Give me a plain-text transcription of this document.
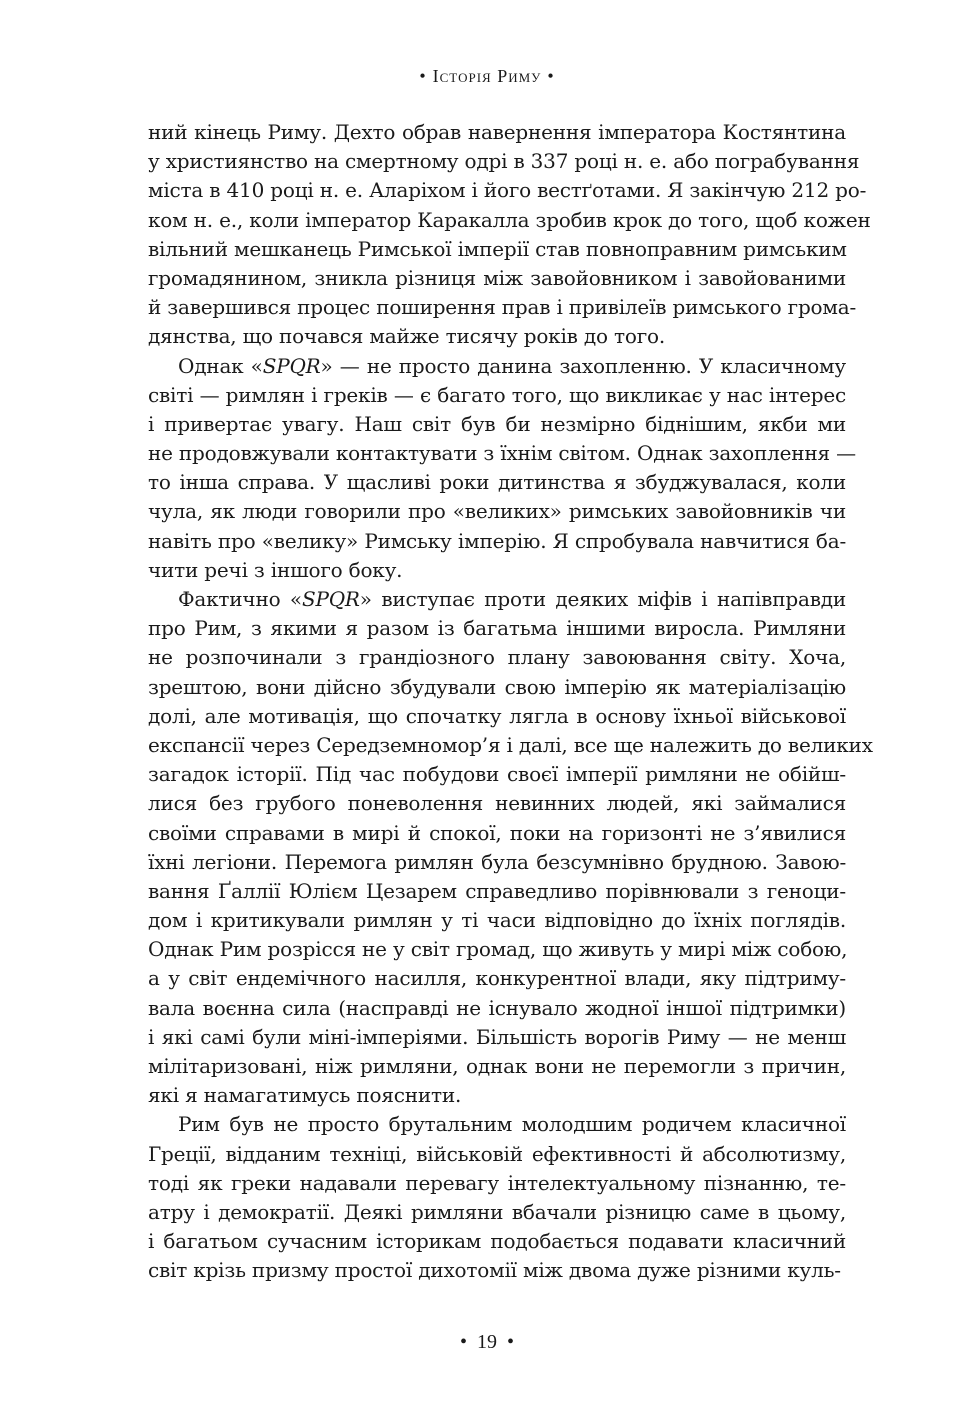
• Історія Риму •
ний кінець Риму. Дехто обрав навернення імператора Костянтина
у християнство на смертному одрі в 337 році н. е. або пограбування
міста в 410 році н. е. Аларіхом і його вестґотами. Я закінчую 212 ро-
ком н. е., коли імператор Каракалла зробив крок до того, щоб кожен
вільний мешканець Римської імперії став повноправним римським
громадянином, зникла різниця між завойовником і завойованими
й завершився процес поширення прав і привілеїв римського грома-
дянства, що почався майже тисячу років до того.
Однак «SPQR» — не просто данина захопленню. У класичному
світі — римлян і греків — є багато того, що викликає у нас інтерес
і привертає увагу. Наш світ був би незмірно біднішим, якби ми
не продовжували контактувати з їхнім світом. Однак захоплення —
то інша справа. У щасливі роки дитинства я збуджувалася, коли
чула, як люди говорили про «великих» римських завойовників чи
навіть про «велику» Римську імперію. Я спробувала навчитися ба-
чити речі з іншого боку.
Фактично «SPQR» виступає проти деяких міфів і напівправди
про Рим, з якими я разом із багатьма іншими виросла. Римляни
не розпочинали з грандіозного плану завоювання світу. Хоча,
зрештою, вони дійсно збудували свою імперію як матеріалізацію
долі, але мотивація, що спочатку лягла в основу їхньої військової
експансії через Середземномор’я і далі, все ще належить до великих
загадок історії. Під час побудови своєї імперії римляни не обійш-
лися без грубого поневолення невинних людей, які займалися
своїми справами в мирі й спокої, поки на горизонті не з’явилися
їхні легіони. Перемога римлян була безсумнівно брудною. Завою-
вання Ґаллії Юлієм Цезарем справедливо порівнювали з геноци-
дом і критикували римлян у ті часи відповідно до їхніх поглядів.
Однак Рим розрісся не у світ громад, що живуть у мирі між собою,
а у світ ендемічного насилля, конкурентної влади, яку підтриму-
вала воєнна сила (насправді не існувало жодної іншої підтримки)
і які самі були міні-імперіями. Більшість ворогів Риму — не менш
мілітаризовані, ніж римляни, однак вони не перемогли з причин,
які я намагатимусь пояснити.
Рим був не просто брутальним молодшим родичем класичної
Греції, відданим техніці, військовій ефективності й абсолютизму,
тоді як греки надавали перевагу інтелектуальному пізнанню, те-
атру і демократії. Деякі римляни вбачали різницю саме в цьому,
і багатьом сучасним історикам подобається подавати класичний
світ крізь призму простої дихотомії між двома дуже різними куль-
• 19 •
